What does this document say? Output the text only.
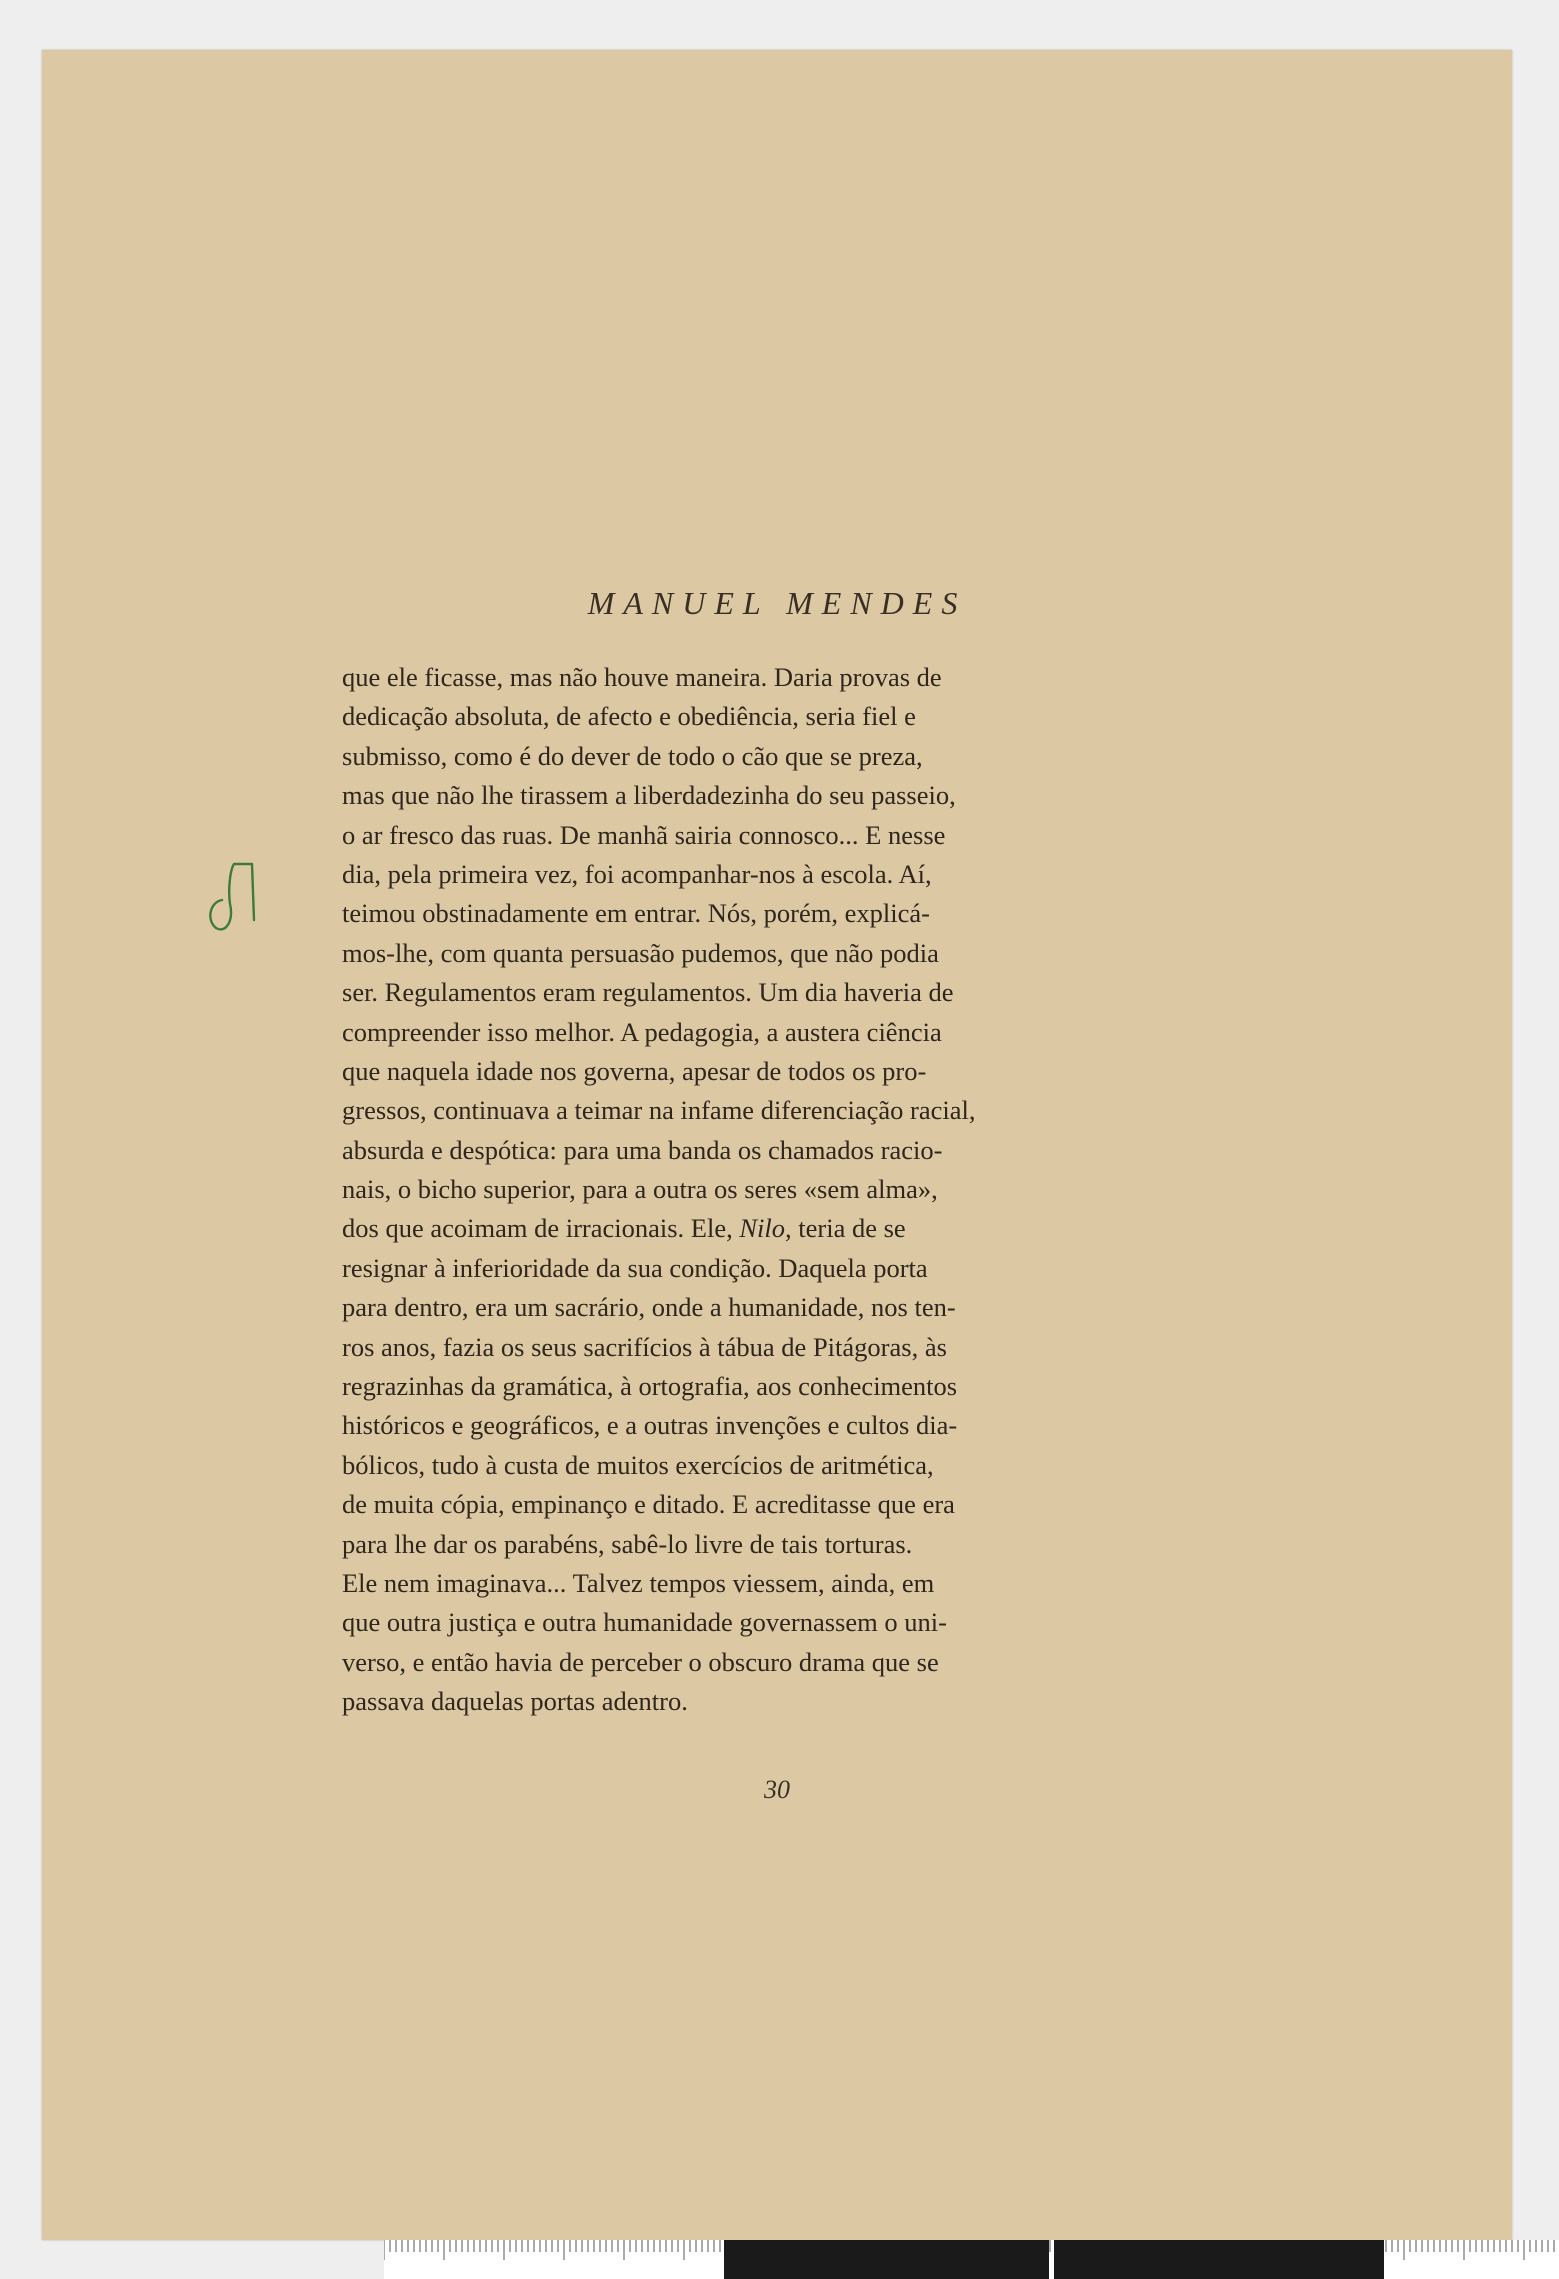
MANUEL MENDES
que ele ficasse, mas não houve maneira. Daria provas de
dedicação absoluta, de afecto e obediência, seria fiel e
submisso, como é do dever de todo o cão que se preza,
mas que não lhe tirassem a liberdadezinha do seu passeio,
o ar fresco das ruas. De manhã sairia connosco... E nesse
dia, pela primeira vez, foi acompanhar-nos à escola. Aí,
teimou obstinadamente em entrar. Nós, porém, explicá-
mos-lhe, com quanta persuasão pudemos, que não podia
ser. Regulamentos eram regulamentos. Um dia haveria de
compreender isso melhor. A pedagogia, a austera ciência
que naquela idade nos governa, apesar de todos os pro-
gressos, continuava a teimar na infame diferenciação racial,
absurda e despótica: para uma banda os chamados racio-
nais, o bicho superior, para a outra os seres «sem alma»,
dos que acoimam de irracionais. Ele, Nilo, teria de se
resignar à inferioridade da sua condição. Daquela porta
para dentro, era um sacrário, onde a humanidade, nos ten-
ros anos, fazia os seus sacrifícios à tábua de Pitágoras, às
regrazinhas da gramática, à ortografia, aos conhecimentos
históricos e geográficos, e a outras invenções e cultos dia-
bólicos, tudo à custa de muitos exercícios de aritmética,
de muita cópia, empinanço e ditado. E acreditasse que era
para lhe dar os parabéns, sabê-lo livre de tais torturas.
Ele nem imaginava... Talvez tempos viessem, ainda, em
que outra justiça e outra humanidade governassem o uni-
verso, e então havia de perceber o obscuro drama que se
passava daquelas portas adentro.
30
